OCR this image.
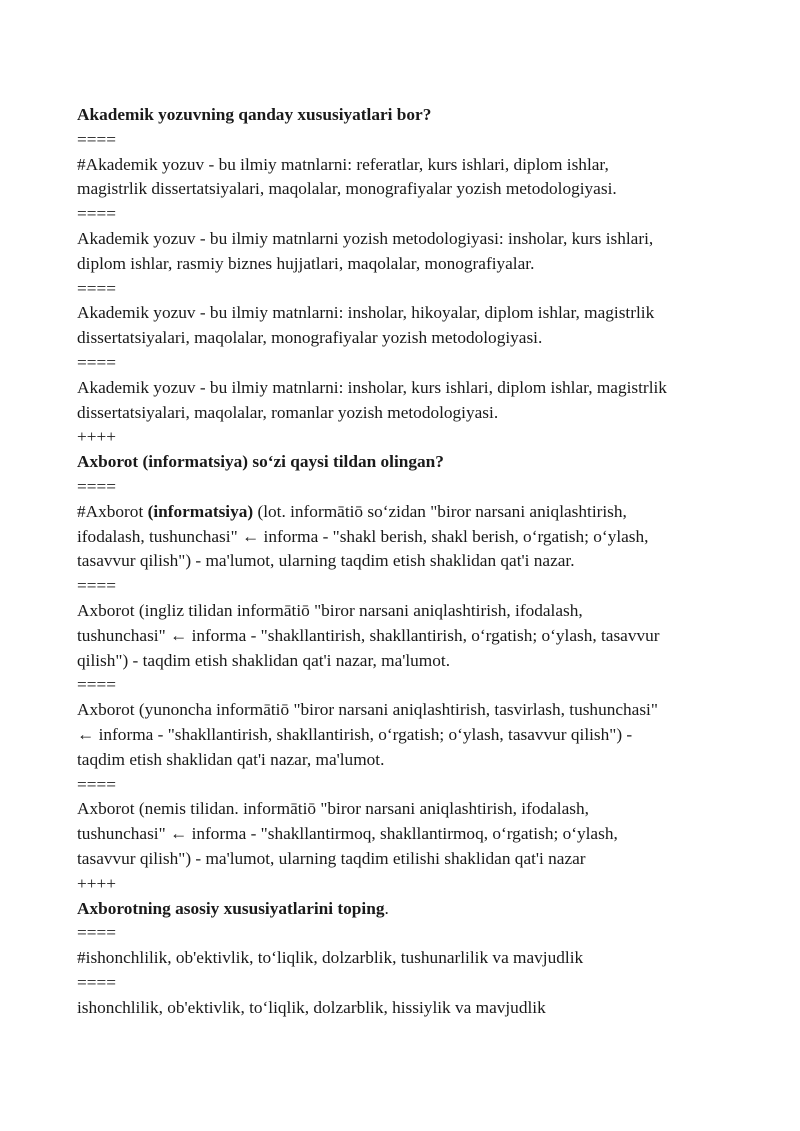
Akademik yozuvning qanday xususiyatlari bor?
====
#Akademik yozuv - bu ilmiy matnlarni: referatlar, kurs ishlari, diplom ishlar,
magistrlik dissertatsiyalari, maqolalar, monografiyalar yozish metodologiyasi.
====
Akademik yozuv - bu ilmiy matnlarni yozish metodologiyasi: insholar, kurs ishlari,
diplom ishlar, rasmiy biznes hujjatlari, maqolalar, monografiyalar.
====
Akademik yozuv - bu ilmiy matnlarni: insholar, hikoyalar, diplom ishlar, magistrlik
dissertatsiyalari, maqolalar, monografiyalar yozish metodologiyasi.
====
Akademik yozuv - bu ilmiy matnlarni: insholar, kurs ishlari, diplom ishlar, magistrlik
dissertatsiyalari, maqolalar, romanlar yozish metodologiyasi.
++++
Axborot (informatsiya) so‘zi qaysi tildan olingan?
====
#Axborot (informatsiya) (lot. informātiō so‘zidan "biror narsani aniqlashtirish,
ifodalash, tushunchasi" ← informa - "shakl berish, shakl berish, o‘rgatish; o‘ylash,
tasavvur qilish") - ma'lumot, ularning taqdim etish shaklidan qat'i nazar.
====
Axborot (ingliz tilidan informātiō "biror narsani aniqlashtirish, ifodalash,
tushunchasi" ← informa - "shakllantirish, shakllantirish, o‘rgatish; o‘ylash, tasavvur
qilish") - taqdim etish shaklidan qat'i nazar, ma'lumot.
====
Axborot (yunoncha informātiō "biror narsani aniqlashtirish, tasvirlash, tushunchasi"
← informa - "shakllantirish, shakllantirish, o‘rgatish; o‘ylash, tasavvur qilish") -
taqdim etish shaklidan qat'i nazar, ma'lumot.
====
Axborot (nemis tilidan. informātiō "biror narsani aniqlashtirish, ifodalash,
tushunchasi" ← informa - "shakllantirmoq, shakllantirmoq, o‘rgatish; o‘ylash,
tasavvur qilish") - ma'lumot, ularning taqdim etilishi shaklidan qat'i nazar
++++
Axborotning asosiy xususiyatlarini toping.
====
#ishonchlilik, ob'ektivlik, to‘liqlik, dolzarblik, tushunarlilik va mavjudlik
====
ishonchlilik, ob'ektivlik, to‘liqlik, dolzarblik, hissiylik va mavjudlik
